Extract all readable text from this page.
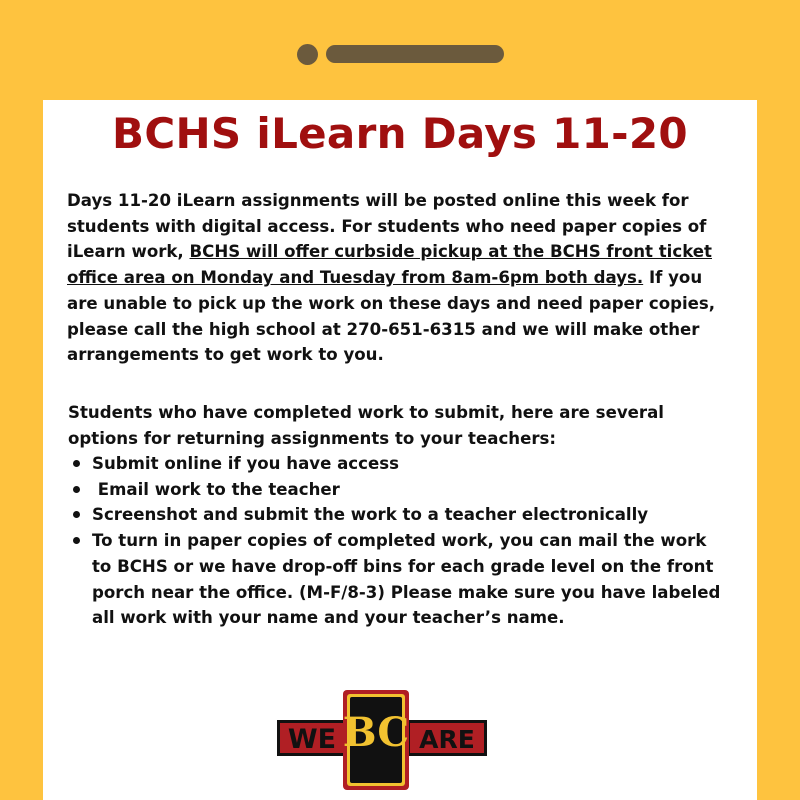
BCHS iLearn Days 11-20

Days 11-20 iLearn assignments will be posted online this week for students with digital access. For students who need paper copies of iLearn work, BCHS will offer curbside pickup at the BCHS front ticket office area on Monday and Tuesday from 8am-6pm both days. If you are unable to pick up the work on these days and need paper copies, please call the high school at 270-651-6315 and we will make other arrangements to get work to you.

Students who have completed work to submit, here are several options for returning assignments to your teachers:

Submit online if you have access
Email work to the teacher
Screenshot and submit the work to a teacher electronically
To turn in paper copies of completed work, you can mail the work to BCHS or we have drop-off bins for each grade level on the front porch near the office. (M-F/8-3) Please make sure you have labeled all work with your name and your teacher’s name.
WE	ARE
BC
